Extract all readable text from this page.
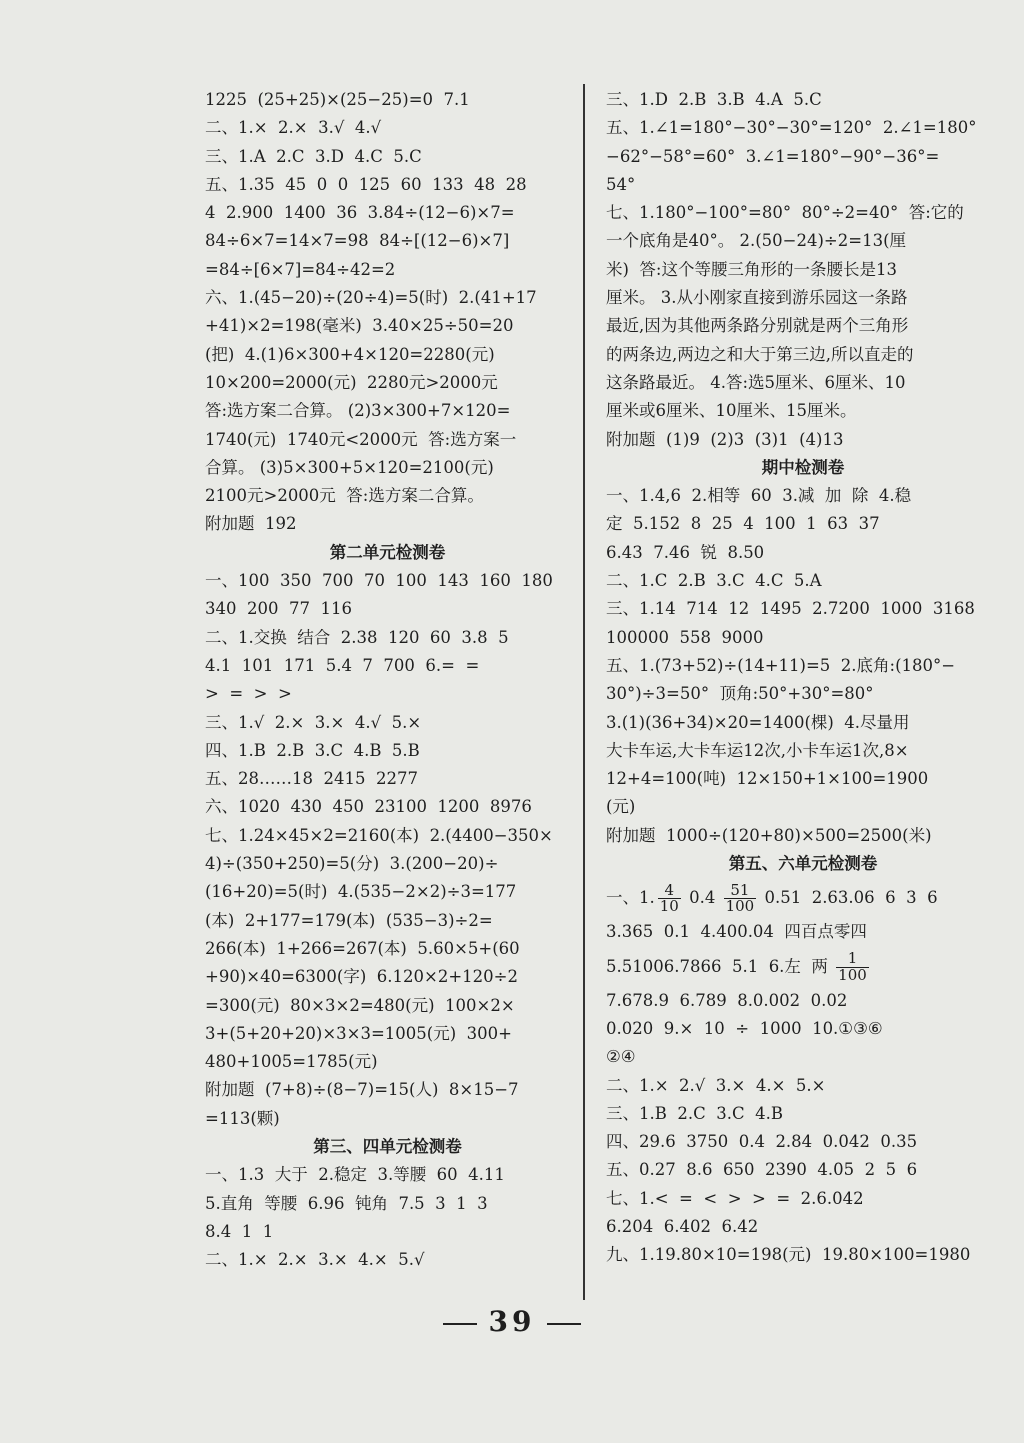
1225  (25+25)×(25−25)=0  7.1
二、1.×  2.×  3.√  4.√
三、1.A  2.C  3.D  4.C  5.C
五、1.35  45  0  0  125  60  133  48  28
4  2.900  1400  36  3.84÷(12−6)×7=
84÷6×7=14×7=98  84÷[(12−6)×7]
=84÷[6×7]=84÷42=2
六、1.(45−20)÷(20÷4)=5(时)  2.(41+17
+41)×2=198(毫米)  3.40×25÷50=20
(把)  4.(1)6×300+4×120=2280(元)
10×200=2000(元)  2280元>2000元
答:选方案二合算。 (2)3×300+7×120=
1740(元)  1740元<2000元  答:选方案一
合算。 (3)5×300+5×120=2100(元)
2100元>2000元  答:选方案二合算。
附加题  192
第二单元检测卷
一、100  350  700  70  100  143  160  180
340  200  77  116
二、1.交换  结合  2.38  120  60  3.8  5
4.1  101  171  5.4  7  700  6.=  =
>  =  >  >
三、1.√  2.×  3.×  4.√  5.×
四、1.B  2.B  3.C  4.B  5.B
五、28……18  2415  2277
六、1020  430  450  23100  1200  8976
七、1.24×45×2=2160(本)  2.(4400−350×
4)÷(350+250)=5(分)  3.(200−20)÷
(16+20)=5(时)  4.(535−2×2)÷3=177
(本)  2+177=179(本)  (535−3)÷2=
266(本)  1+266=267(本)  5.60×5+(60
+90)×40=6300(字)  6.120×2+120÷2
=300(元)  80×3×2=480(元)  100×2×
3+(5+20+20)×3×3=1005(元)  300+
480+1005=1785(元)
附加题  (7+8)÷(8−7)=15(人)  8×15−7
=113(颗)
第三、四单元检测卷
一、1.3  大于  2.稳定  3.等腰  60  4.11
5.直角  等腰  6.96  钝角  7.5  3  1  3
8.4  1  1
二、1.×  2.×  3.×  4.×  5.√
三、1.D  2.B  3.B  4.A  5.C
五、1.∠1=180°−30°−30°=120°  2.∠1=180°
−62°−58°=60°  3.∠1=180°−90°−36°=
54°
七、1.180°−100°=80°  80°÷2=40°  答:它的
一个底角是40°。 2.(50−24)÷2=13(厘
米)  答:这个等腰三角形的一条腰长是13
厘米。 3.从小刚家直接到游乐园这一条路
最近,因为其他两条路分别就是两个三角形
的两条边,两边之和大于第三边,所以直走的
这条路最近。 4.答:选5厘米、6厘米、10
厘米或6厘米、10厘米、15厘米。
附加题  (1)9  (2)3  (3)1  (4)13
期中检测卷
一、1.4,6  2.相等  60  3.减  加  除  4.稳
定  5.152  8  25  4  100  1  63  37
6.43  7.46  锐  8.50
二、1.C  2.B  3.C  4.C  5.A
三、1.14  714  12  1495  2.7200  1000  3168
100000  558  9000
五、1.(73+52)÷(14+11)=5  2.底角:(180°−
30°)÷3=50°  顶角:50°+30°=80°
3.(1)(36+34)×20=1400(棵)  4.尽量用
大卡车运,大卡车运12次,小卡车运1次,8×
12+4=100(吨)  12×150+1×100=1900
(元)
附加题  1000÷(120+80)×500=2500(米)
第五、六单元检测卷
一、1. $\frac{4}{10} 0.4 \frac{51}{100} 0.51$  2.63.06  6  3  6
3.365  0.1  4.400.04  四百点零四
5.51006.7866  5.1  6.左  两 $\frac{1}{100}$
7.678.9  6.789  8.0.002  0.02
0.020  9.×  10  ÷  1000  10.①③⑥
②④
二、1.×  2.√  3.×  4.×  5.×
三、1.B  2.C  3.C  4.B
四、29.6  3750  0.4  2.84  0.042  0.35
五、0.27  8.6  650  2390  4.05  2  5  6
七、1.<  =  <  >  >  =  2.6.042
6.204  6.402  6.42
九、1.19.80×10=198(元)  19.80×100=1980
39
